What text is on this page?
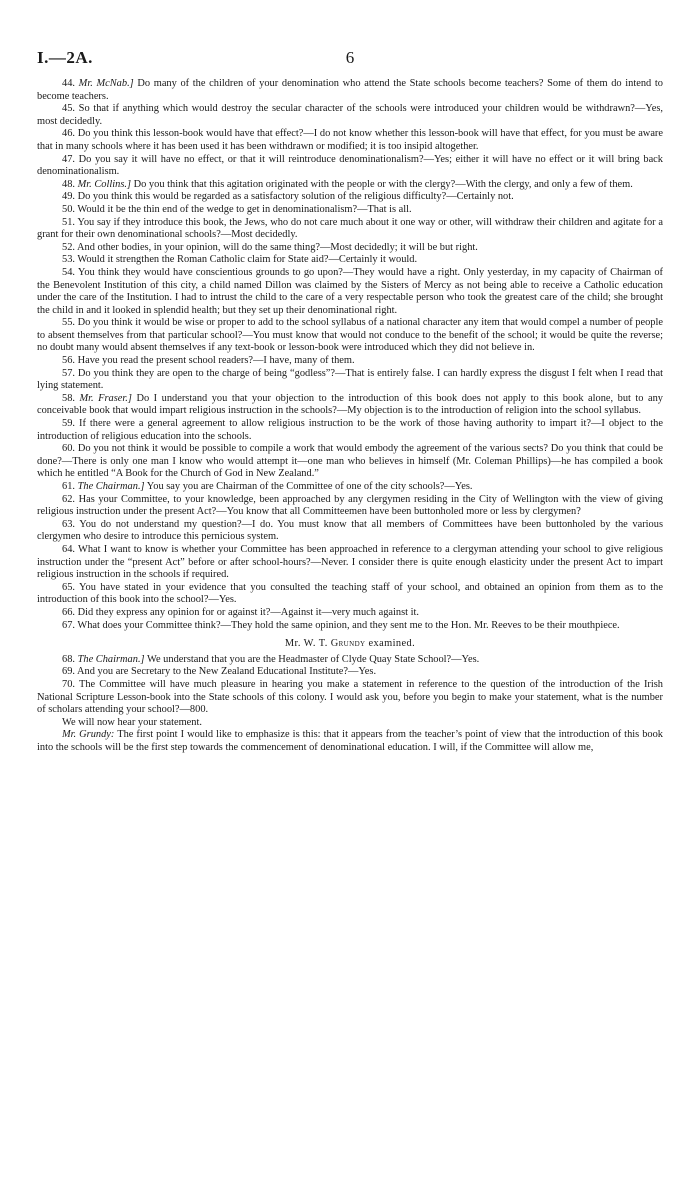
I.—2A.	6

44. Mr. McNab.] Do many of the children of your denomination who attend the State schools become teachers? Some of them do intend to become teachers.

45. So that if anything which would destroy the secular character of the schools were introduced your children would be withdrawn?—Yes, most decidedly.

46. Do you think this lesson-book would have that effect?—I do not know whether this lesson-book will have that effect, for you must be aware that in many schools where it has been used it has been withdrawn or modified; it is too insipid altogether.

47. Do you say it will have no effect, or that it will reintroduce denominationalism?—Yes; either it will have no effect or it will bring back denominationalism.

48. Mr. Collins.] Do you think that this agitation originated with the people or with the clergy?—With the clergy, and only a few of them.

49. Do you think this would be regarded as a satisfactory solution of the religious difficulty?—Certainly not.

50. Would it be the thin end of the wedge to get in denominationalism?—That is all.

51. You say if they introduce this book, the Jews, who do not care much about it one way or other, will withdraw their children and agitate for a grant for their own denominational schools?—Most decidedly.

52. And other bodies, in your opinion, will do the same thing?—Most decidedly; it will be but right.

53. Would it strengthen the Roman Catholic claim for State aid?—Certainly it would.

54. You think they would have conscientious grounds to go upon?—They would have a right. Only yesterday, in my capacity of Chairman of the Benevolent Institution of this city, a child named Dillon was claimed by the Sisters of Mercy as not being able to receive a Catholic education under the care of the Institution. I had to intrust the child to the care of a very respectable person who took the greatest care of the child; she brought the child in and it looked in splendid health; but they set up their denominational right.

55. Do you think it would be wise or proper to add to the school syllabus of a national character any item that would compel a number of people to absent themselves from that particular school?—You must know that would not conduce to the benefit of the school; it would be quite the reverse; no doubt many would absent themselves if any text-book or lesson-book were introduced which they did not believe in.

56. Have you read the present school readers?—I have, many of them.

57. Do you think they are open to the charge of being “godless”?—That is entirely false. I can hardly express the disgust I felt when I read that lying statement.

58. Mr. Fraser.] Do I understand you that your objection to the introduction of this book does not apply to this book alone, but to any conceivable book that would impart religious instruction in the schools?—My objection is to the introduction of religion into the school syllabus.

59. If there were a general agreement to allow religious instruction to be the work of those having authority to impart it?—I object to the introduction of religious education into the schools.

60. Do you not think it would be possible to compile a work that would embody the agreement of the various sects? Do you think that could be done?—There is only one man I know who would attempt it—one man who believes in himself (Mr. Coleman Phillips)—he has compiled a book which he entitled “A Book for the Church of God in New Zealand.”

61. The Chairman.] You say you are Chairman of the Committee of one of the city schools?—Yes.

62. Has your Committee, to your knowledge, been approached by any clergymen residing in the City of Wellington with the view of giving religious instruction under the present Act?—You know that all Committeemen have been buttonholed more or less by clergymen?

63. You do not understand my question?—I do. You must know that all members of Committees have been buttonholed by the various clergymen who desire to introduce this pernicious system.

64. What I want to know is whether your Committee has been approached in reference to a clergyman attending your school to give religious instruction under the “present Act” before or after school-hours?—Never. I consider there is quite enough elasticity under the present Act to impart religious instruction in the schools if required.

65. You have stated in your evidence that you consulted the teaching staff of your school, and obtained an opinion from them as to the introduction of this book into the school?—Yes.

66. Did they express any opinion for or against it?—Against it—very much against it.

67. What does your Committee think?—They hold the same opinion, and they sent me to the Hon. Mr. Reeves to be their mouthpiece.

Mr. W. T. Grundy examined.

68. The Chairman.] We understand that you are the Headmaster of Clyde Quay State School?—Yes.

69. And you are Secretary to the New Zealand Educational Institute?—Yes.

70. The Committee will have much pleasure in hearing you make a statement in reference to the question of the introduction of the Irish National Scripture Lesson-book into the State schools of this colony. I would ask you, before you begin to make your statement, what is the number of scholars attending your school?—800.

We will now hear your statement.

Mr. Grundy: The first point I would like to emphasize is this: that it appears from the teacher’s point of view that the introduction of this book into the schools will be the first step towards the commencement of denominational education. I will, if the Committee will allow me,
